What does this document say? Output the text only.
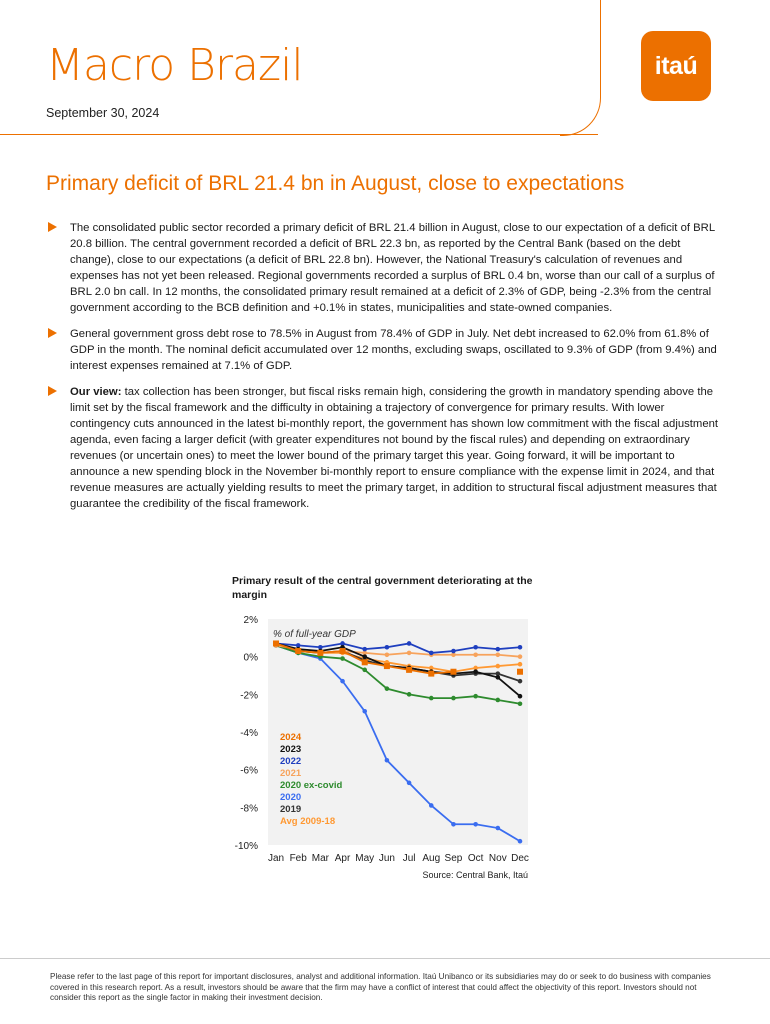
Macro Brazil
September 30, 2024
itaú
Primary deficit of BRL 21.4 bn in August, close to expectations
The consolidated public sector recorded a primary deficit of BRL 21.4 billion in August, close to our expectation of a deficit of BRL 20.8 billion. The central government recorded a deficit of BRL 22.3 bn, as reported by the Central Bank (based on the debt change), close to our expectations (a deficit of BRL 22.8 bn). However, the National Treasury's calculation of revenues and expenses has not yet been released. Regional governments recorded a surplus of BRL 0.4 bn, worse than our call of a surplus of BRL 2.0 bn call. In 12 months, the consolidated primary result remained at a deficit of 2.3% of GDP, being -2.3% from the central government according to the BCB definition and +0.1% in states, municipalities and state-owned companies.
General government gross debt rose to 78.5% in August from 78.4% of GDP in July. Net debt increased to 62.0% from 61.8% of GDP in the month. The nominal deficit accumulated over 12 months, excluding swaps, oscillated to 9.3% of GDP (from 9.4%) and interest expenses remained at 7.1% of GDP.
Our view: tax collection has been stronger, but fiscal risks remain high, considering the growth in mandatory spending above the limit set by the fiscal framework and the difficulty in obtaining a trajectory of convergence for primary results. With lower contingency cuts announced in the latest bi-monthly report, the government has shown low commitment with the fiscal adjustment agenda, even facing a larger deficit (with greater expenditures not bound by the fiscal rules) and depending on extraordinary revenues (or uncertain ones) to meet the lower bound of the primary target this year. Going forward, it will be important to announce a new spending block in the November bi-monthly report to ensure compliance with the expense limit in 2024, and that revenue measures are actually yielding results to meet the primary target, in addition to structural fiscal adjustment measures that guarantee the credibility of the fiscal framework.
Primary result of the central government deteriorating at the margin
2%
0%
-2%
-4%
-6%
-8%
-10%
Jan Feb Mar Apr May Jun Jul Aug Sep Oct Nov Dec
% of full-year GDP
Source: Central Bank, Itaú
2024
2023
2022
2021
2020 ex-covid
2020
2019
Avg 2009-18
Please refer to the last page of this report for important disclosures, analyst and additional information. Itaú Unibanco or its subsidiaries may do or seek to do business with companies covered in this research report. As a result, investors should be aware that the firm may have a conflict of interest that could affect the objectivity of this report. Investors should not consider this report as the single factor in making their investment decision.
